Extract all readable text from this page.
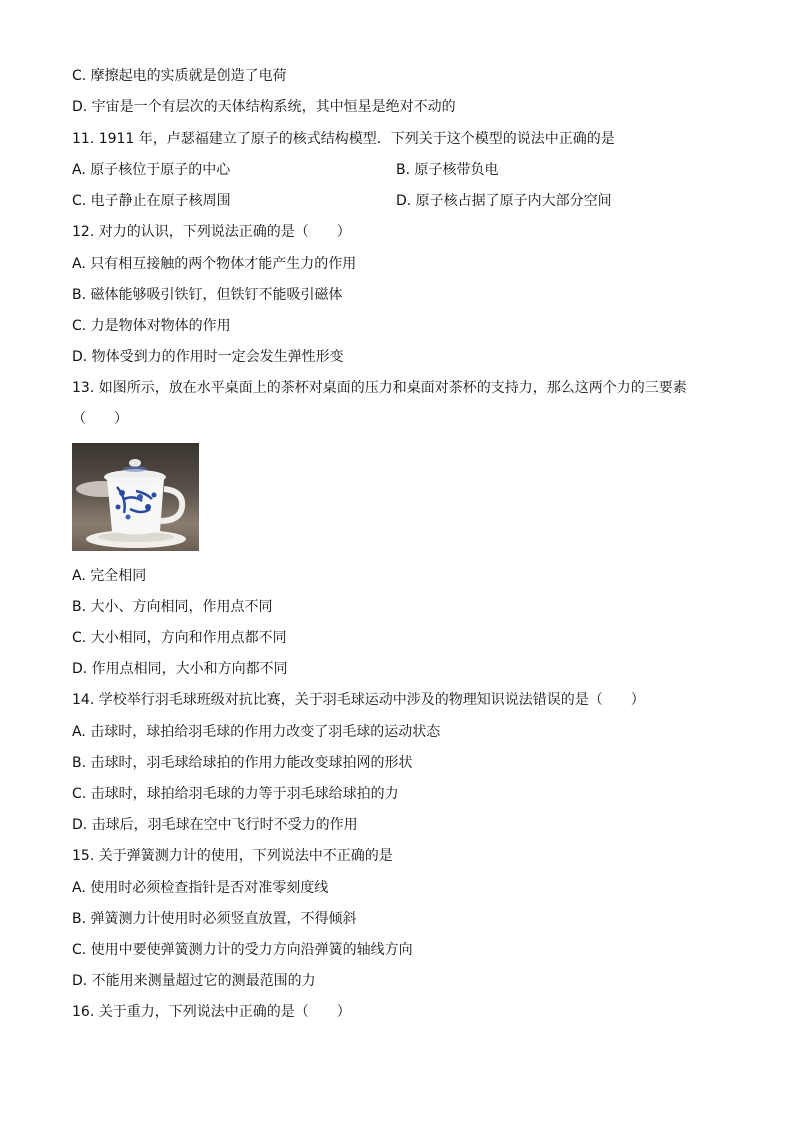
C. 摩擦起电的实质就是创造了电荷
D. 宇宙是一个有层次的天体结构系统，其中恒星是绝对不动的
11. 1911 年，卢瑟福建立了原子的核式结构模型．下列关于这个模型的说法中正确的是
A. 原子核位于原子的中心	B. 原子核带负电
C. 电子静止在原子核周围	D. 原子核占据了原子内大部分空间
12. 对力的认识，下列说法正确的是（　　）
A. 只有相互接触的两个物体才能产生力的作用
B. 磁体能够吸引铁钉，但铁钉不能吸引磁体
C. 力是物体对物体的作用
D. 物体受到力的作用时一定会发生弹性形变
13. 如图所示，放在水平桌面上的茶杯对桌面的压力和桌面对茶杯的支持力，那么这两个力的三要素
（　　）
A. 完全相同
B. 大小、方向相同，作用点不同
C. 大小相同，方向和作用点都不同
D. 作用点相同，大小和方向都不同
14. 学校举行羽毛球班级对抗比赛，关于羽毛球运动中涉及的物理知识说法错误的是（　　）
A. 击球时，球拍给羽毛球的作用力改变了羽毛球的运动状态
B. 击球时，羽毛球给球拍的作用力能改变球拍网的形状
C. 击球时，球拍给羽毛球的力等于羽毛球给球拍的力
D. 击球后，羽毛球在空中飞行时不受力的作用
15. 关于弹簧测力计的使用，下列说法中不正确的是
A. 使用时必须检查指针是否对准零刻度线
B. 弹簧测力计使用时必须竖直放置，不得倾斜
C. 使用中要使弹簧测力计的受力方向沿弹簧的轴线方向
D. 不能用来测量超过它的测最范围的力
16. 关于重力，下列说法中正确的是（　　）
